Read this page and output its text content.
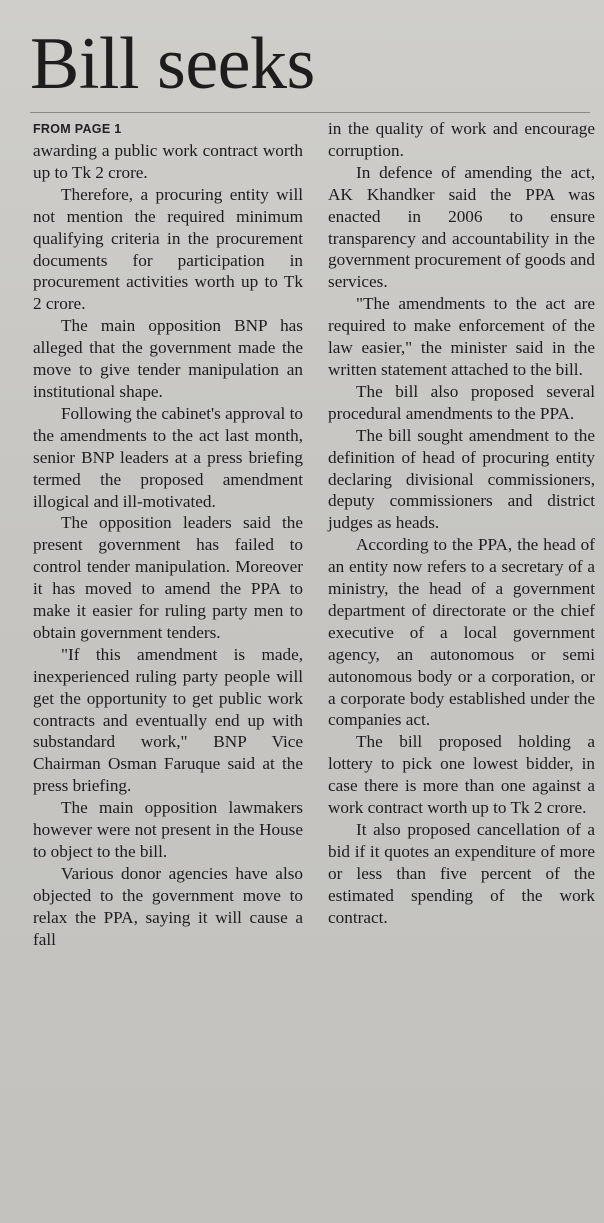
Bill seeks
FROM PAGE 1

awarding a public work contract worth up to Tk 2 crore.

Therefore, a procuring entity will not mention the required minimum qualifying criteria in the procurement documents for participation in procurement activities worth up to Tk 2 crore.

The main opposition BNP has alleged that the government made the move to give tender manipulation an institutional shape.

Following the cabinet's approval to the amendments to the act last month, senior BNP leaders at a press briefing termed the proposed amendment illogical and ill-motivated.

The opposition leaders said the present government has failed to control tender manipulation. Moreover it has moved to amend the PPA to make it easier for ruling party men to obtain government tenders.

"If this amendment is made, inexperienced ruling party people will get the opportunity to get public work contracts and eventually end up with substandard work," BNP Vice Chairman Osman Faruque said at the press briefing.

The main opposition lawmakers however were not present in the House to object to the bill.

Various donor agencies have also objected to the government move to relax the PPA, saying it will cause a fall

in the quality of work and encourage corruption.

In defence of amending the act, AK Khandker said the PPA was enacted in 2006 to ensure transparency and accountability in the government procurement of goods and services.

"The amendments to the act are required to make enforcement of the law easier," the minister said in the written statement attached to the bill.

The bill also proposed several procedural amendments to the PPA.

The bill sought amendment to the definition of head of procuring entity declaring divisional commissioners, deputy commissioners and district judges as heads.

According to the PPA, the head of an entity now refers to a secretary of a ministry, the head of a government department of directorate or the chief executive of a local government agency, an autonomous or semi autonomous body or a corporation, or a corporate body established under the companies act.

The bill proposed holding a lottery to pick one lowest bidder, in case there is more than one against a work contract worth up to Tk 2 crore.

It also proposed cancellation of a bid if it quotes an expenditure of more or less than five percent of the estimated spending of the work contract.
